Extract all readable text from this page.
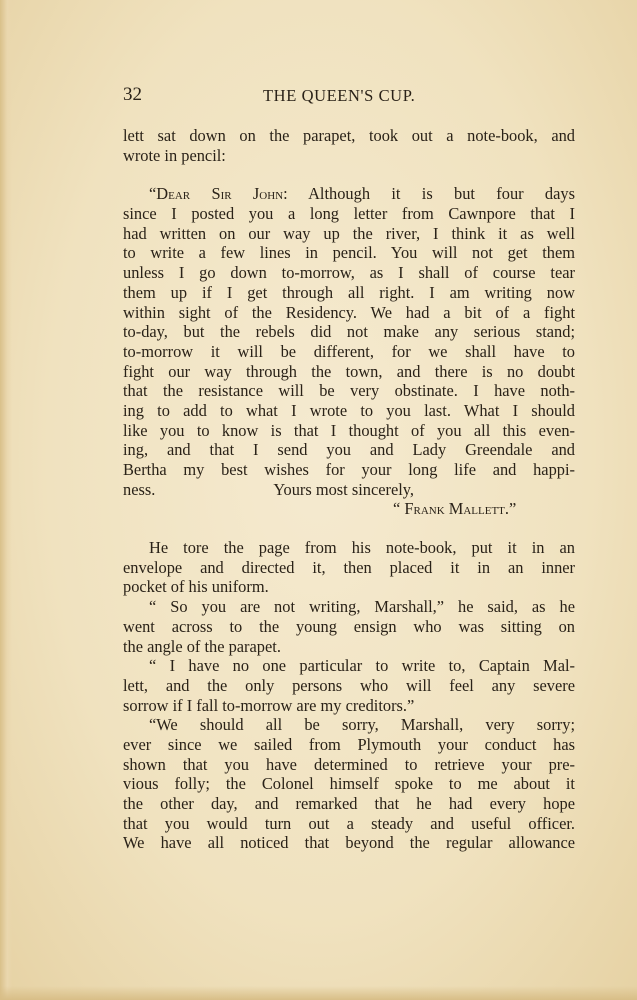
32	THE QUEEN'S CUP.
lett sat down on the parapet, took out a note-book, and
wrote in pencil:
“Dear Sir John: Although it is but four days
since I posted you a long letter from Cawnpore that I
had written on our way up the river, I think it as well
to write a few lines in pencil. You will not get them
unless I go down to-morrow, as I shall of course tear
them up if I get through all right. I am writing now
within sight of the Residency. We had a bit of a fight
to-day, but the rebels did not make any serious stand;
to-morrow it will be different, for we shall have to
fight our way through the town, and there is no doubt
that the resistance will be very obstinate. I have noth-
ing to add to what I wrote to you last. What I should
like you to know is that I thought of you all this even-
ing, and that I send you and Lady Greendale and
Bertha my best wishes for your long life and happi-
ness.	Yours most sincerely,
“ Frank Mallett.”
He tore the page from his note-book, put it in an
envelope and directed it, then placed it in an inner
pocket of his uniform.
“ So you are not writing, Marshall,” he said, as he
went across to the young ensign who was sitting on
the angle of the parapet.
“ I have no one particular to write to, Captain Mal-
lett, and the only persons who will feel any severe
sorrow if I fall to-morrow are my creditors.”
“We should all be sorry, Marshall, very sorry;
ever since we sailed from Plymouth your conduct has
shown that you have determined to retrieve your pre-
vious folly; the Colonel himself spoke to me about it
the other day, and remarked that he had every hope
that you would turn out a steady and useful officer.
We have all noticed that beyond the regular allowance
